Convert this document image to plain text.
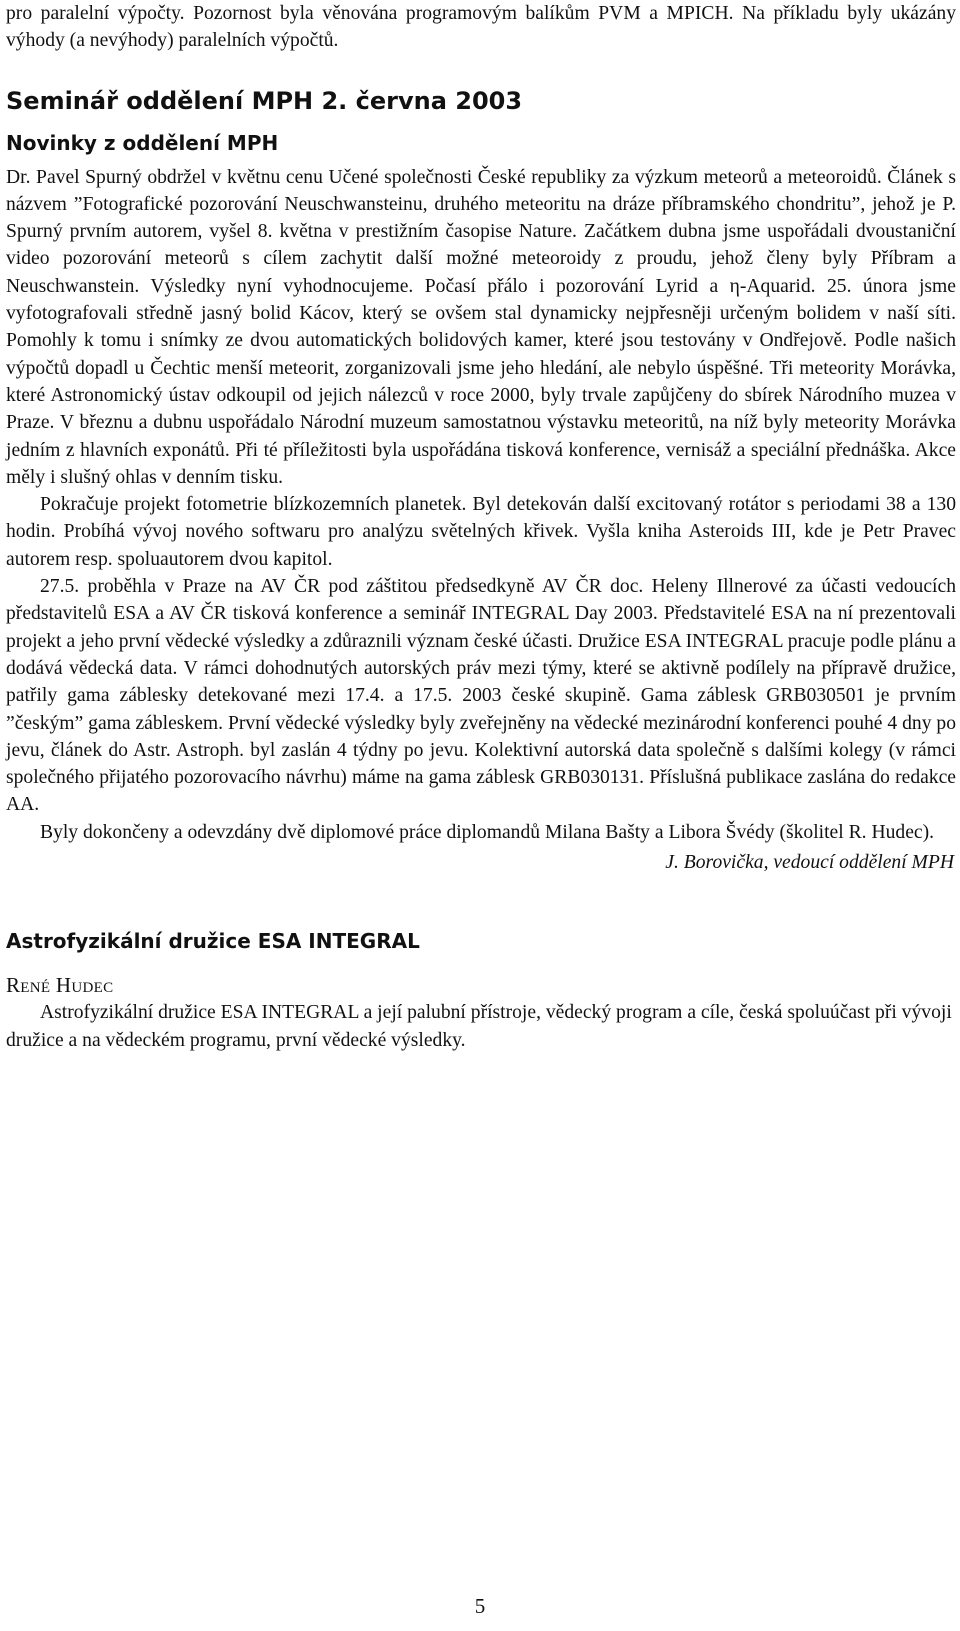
pro paralelní výpočty. Pozornost byla věnována programovým balíkům PVM a MPICH. Na příkladu byly ukázány výhody (a nevýhody) paralelních výpočtů.

Seminář oddělení MPH 2. června 2003
Novinky z oddělení MPH

Dr. Pavel Spurný obdržel v květnu cenu Učené společnosti České republiky za výzkum meteorů a meteoroidů. Článek s názvem ”Fotografické pozorování Neuschwansteinu, druhého meteoritu na dráze příbramského chondritu”, jehož je P. Spurný prvním autorem, vyšel 8. května v prestižním časopise Nature. Začátkem dubna jsme uspořádali dvoustaniční video pozorování meteorů s cílem zachytit další možné meteoroidy z proudu, jehož členy byly Příbram a Neuschwanstein. Výsledky nyní vyhodnocujeme. Počasí přálo i pozorování Lyrid a η-Aquarid. 25. února jsme vyfotografovali středně jasný bolid Kácov, který se ovšem stal dynamicky nejpřesněji určeným bolidem v naší síti. Pomohly k tomu i snímky ze dvou automatických bolidových kamer, které jsou testovány v Ondřejově. Podle našich výpočtů dopadl u Čechtic menší meteorit, zorganizovali jsme jeho hledání, ale nebylo úspěšné. Tři meteority Morávka, které Astronomický ústav odkoupil od jejich nálezců v roce 2000, byly trvale zapůjčeny do sbírek Národního muzea v Praze. V březnu a dubnu uspořádalo Národní muzeum samostatnou výstavku meteoritů, na níž byly meteority Morávka jedním z hlavních exponátů. Při té příležitosti byla uspořádána tisková konference, vernisáž a speciální přednáška. Akce měly i slušný ohlas v denním tisku.

Pokračuje projekt fotometrie blízkozemních planetek. Byl detekován další excitovaný rotátor s periodami 38 a 130 hodin. Probíhá vývoj nového softwaru pro analýzu světelných křivek. Vyšla kniha Asteroids III, kde je Petr Pravec autorem resp. spoluautorem dvou kapitol.

27.5. proběhla v Praze na AV ČR pod záštitou předsedkyně AV ČR doc. Heleny Illnerové za účasti vedoucích představitelů ESA a AV ČR tisková konference a seminář INTEGRAL Day 2003. Představitelé ESA na ní prezentovali projekt a jeho první vědecké výsledky a zdůraznili význam české účasti. Družice ESA INTEGRAL pracuje podle plánu a dodává vědecká data. V rámci dohodnutých autorských práv mezi týmy, které se aktivně podílely na přípravě družice, patřily gama záblesky detekované mezi 17.4. a 17.5. 2003 české skupině. Gama záblesk GRB030501 je prvním ”českým” gama zábleskem. První vědecké výsledky byly zveřejněny na vědecké mezinárodní konferenci pouhé 4 dny po jevu, článek do Astr. Astroph. byl zaslán 4 týdny po jevu. Kolektivní autorská data společně s dalšími kolegy (v rámci společného přijatého pozorovacího návrhu) máme na gama záblesk GRB030131. Příslušná publikace zaslána do redakce AA.

Byly dokončeny a odevzdány dvě diplomové práce diplomandů Milana Bašty a Libora Švédy (školitel R. Hudec).

J. Borovička, vedoucí oddělení MPH

Astrofyzikální družice ESA INTEGRAL
René Hudec

Astrofyzikální družice ESA INTEGRAL a její palubní přístroje, vědecký program a cíle, česká spoluúčast při vývoji družice a na vědeckém programu, první vědecké výsledky.

5
